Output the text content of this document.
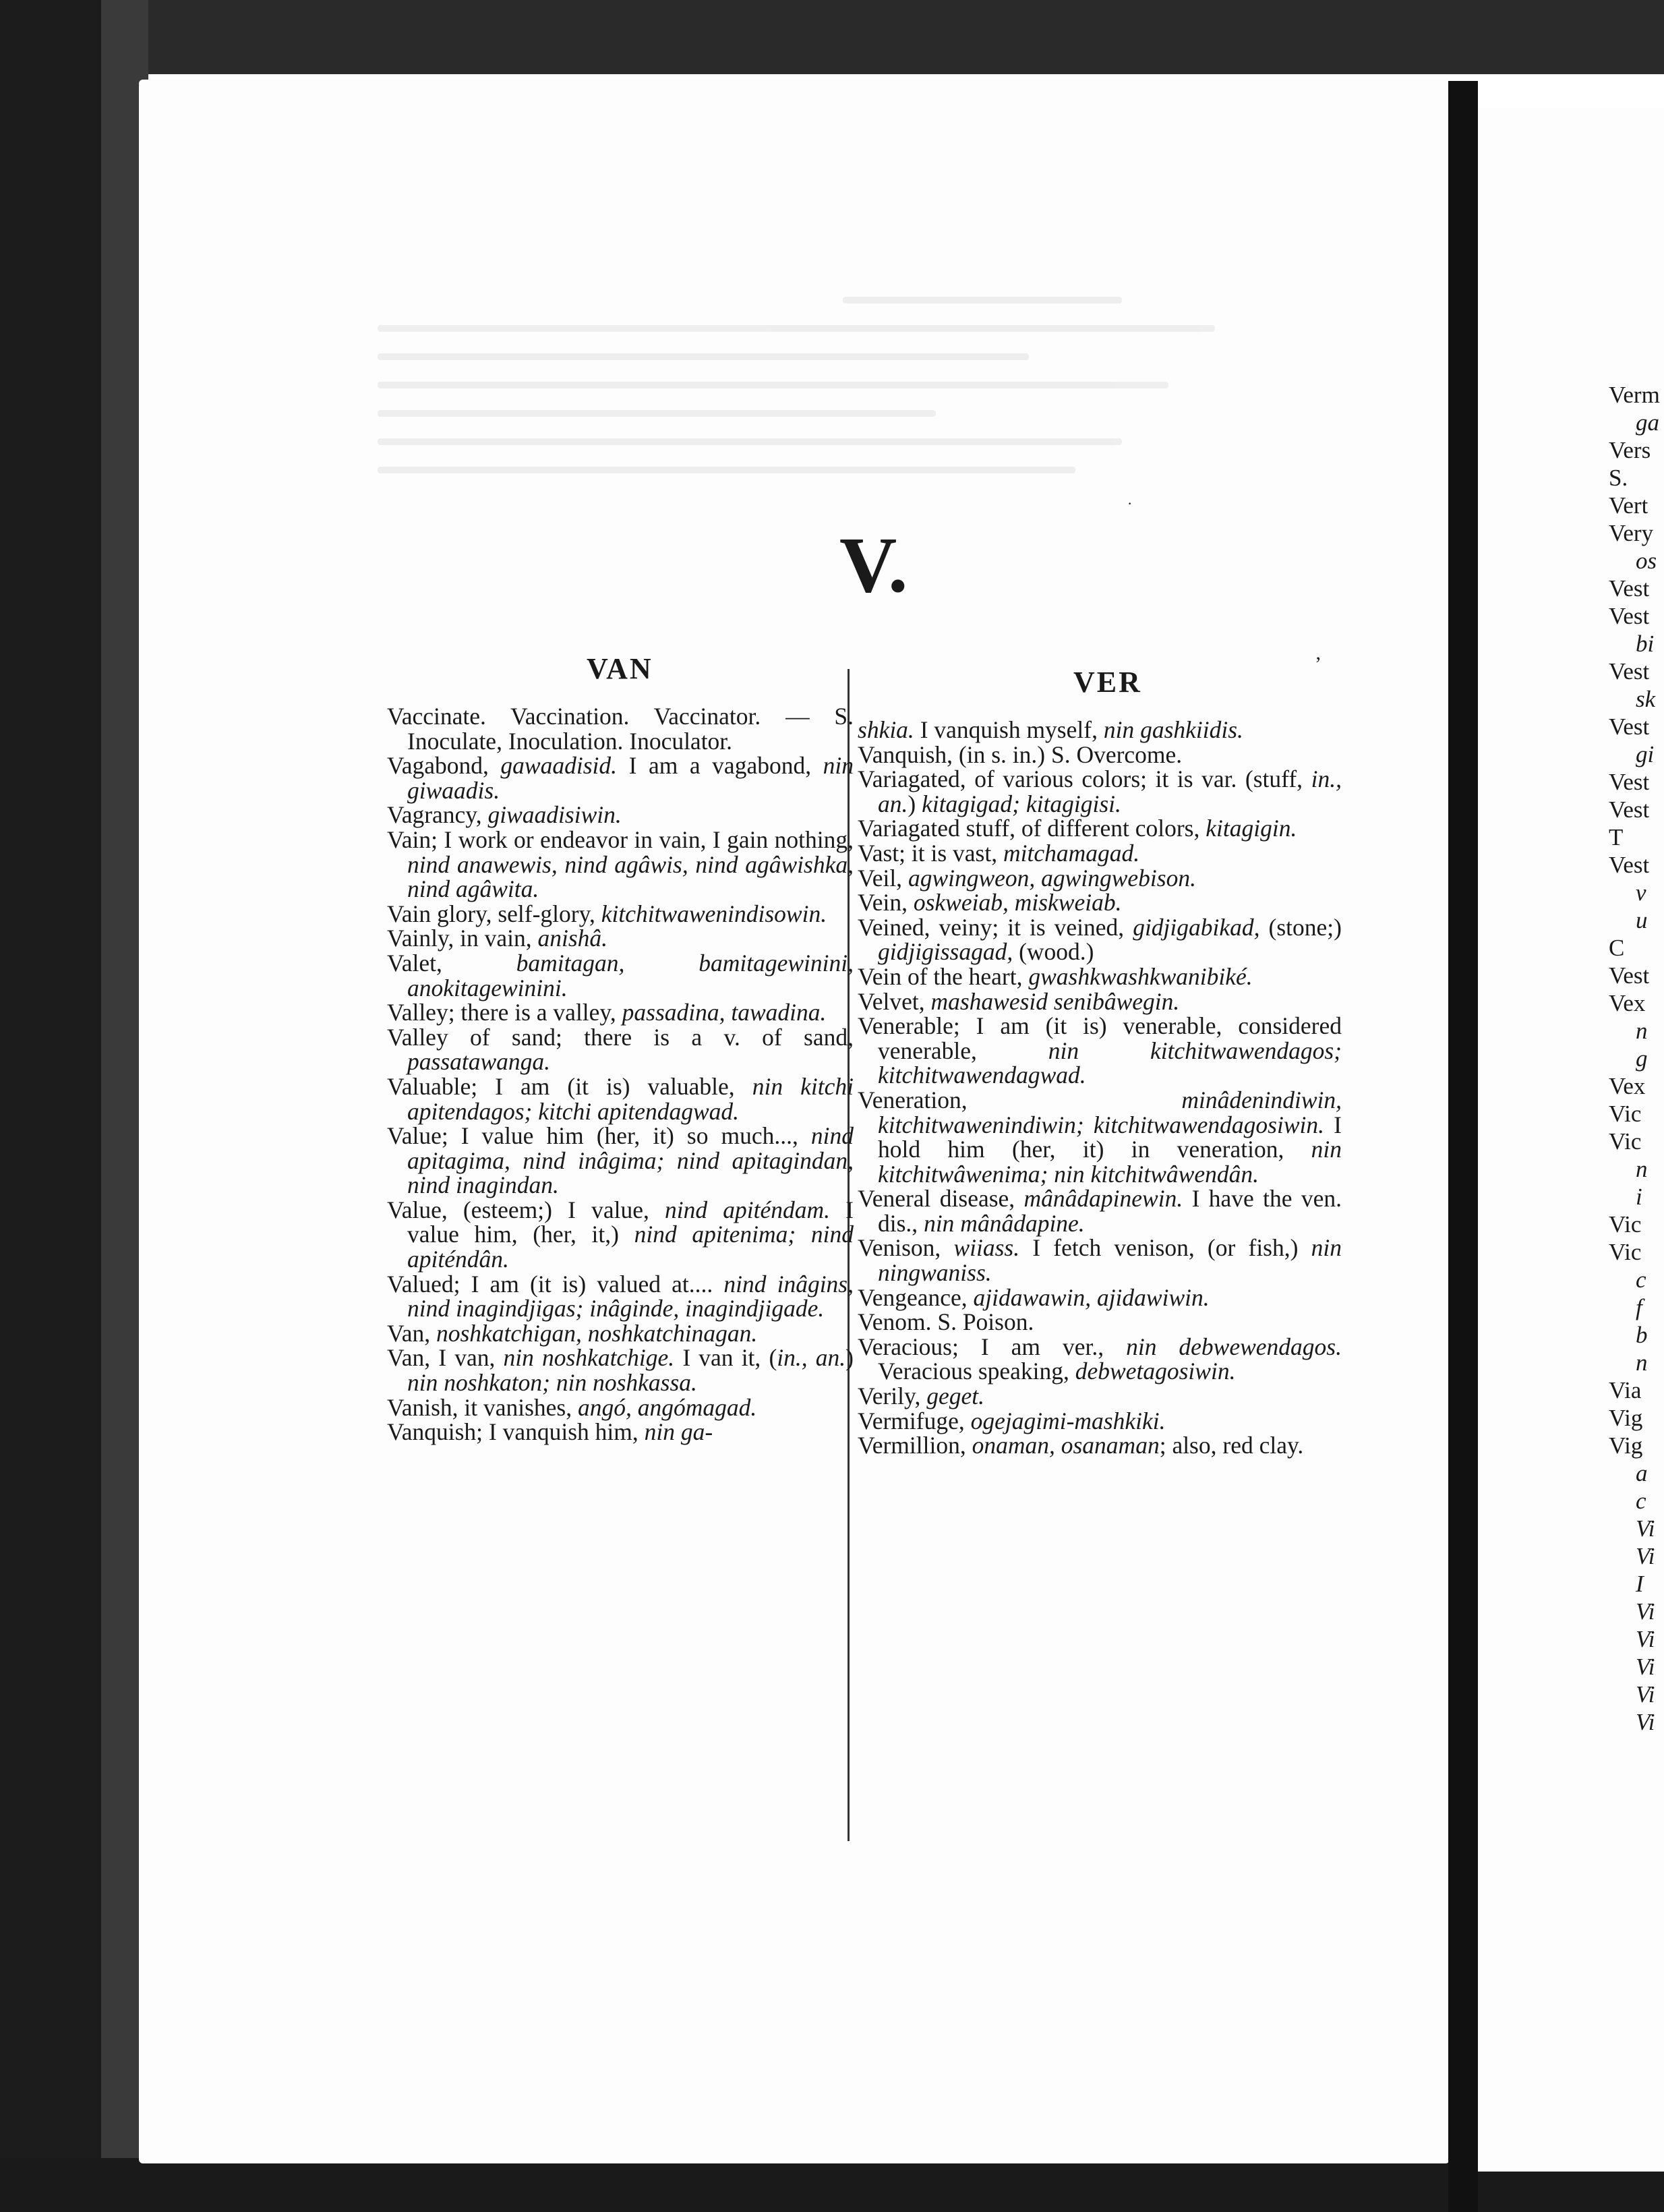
V.
·
VAN	VER
’

Vaccinate. Vaccination. Vaccinator. — S. Inoculate, Inoculation. Inoculator.

Vagabond, gawaadisid. I am a vagabond, nin giwaadis.

Vagrancy, giwaadisiwin.

Vain; I work or endeavor in vain, I gain nothing, nind anawewis, nind agâwis, nind agâwishka, nind agâwita.

Vain glory, self-glory, kitchitwawenindisowin.

Vainly, in vain, anishâ.

Valet, bamitagan, bamitagewinini, anokitagewinini.

Valley; there is a valley, passadina, tawadina.

Valley of sand; there is a v. of sand, passatawanga.

Valuable; I am (it is) valuable, nin kitchi apitendagos; kitchi apitendagwad.

Value; I value him (her, it) so much..., nind apitagima, nind inâgima; nind apitagindan, nind inagindan.

Value, (esteem;) I value, nind apiténdam. I value him, (her, it,) nind apitenima; nind apiténdân.

Valued; I am (it is) valued at.... nind inâgins, nind inagindjigas; inâginde, inagindjigade.

Van, noshkatchigan, noshkatchinagan.

Van, I van, nin noshkatchige. I van it, (in., an.) nin noshkaton; nin noshkassa.

Vanish, it vanishes, angó, angómagad.

Vanquish; I vanquish him, nin ga-

shkia. I vanquish myself, nin gashkiidis.

Vanquish, (in s. in.) S. Overcome.

Variagated, of various colors; it is var. (stuff, in., an.) kitagigad; kitagigisi.

Variagated stuff, of different colors, kitagigin.

Vast; it is vast, mitchamagad.

Veil, agwingweon, agwingwebison.

Vein, oskweiab, miskweiab.

Veined, veiny; it is veined, gidjigabikad, (stone;) gidjigissagad, (wood.)

Vein of the heart, gwashkwashkwanibiké.

Velvet, mashawesid senibâwegin.

Venerable; I am (it is) venerable, considered venerable, nin kitchitwawendagos; kitchitwawendagwad.

Veneration, minâdenindiwin, kitchitwawenindiwin; kitchitwawendagosiwin. I hold him (her, it) in veneration, nin kitchitwâwenima; nin kitchitwâwendân.

Veneral disease, mânâdapinewin. I have the ven. dis., nin mânâdapine.

Venison, wiiass. I fetch venison, (or fish,) nin ningwaniss.

Vengeance, ajidawawin, ajidawiwin.

Venom. S. Poison.

Veracious; I am ver., nin debwewendagos. Veracious speaking, debwetagosiwin.

Verily, geget.

Vermifuge, ogejagimi-mashkiki.

Vermillion, onaman, osanaman; also, red clay.

Verm
ga
Vers
S.
Vert
Very
os
Vest
Vest
bi
Vest
sk
Vest
gi
Vest
Vest
T
Vest
v
u
C
Vest
Vex
n
g
Vex
Vic
Vic
n
i
Vic
Vic
c
f
b
n
Via
Vig
Vig
a
c
Vi
Vi
I
Vi
Vi
Vi
Vi
Vi
